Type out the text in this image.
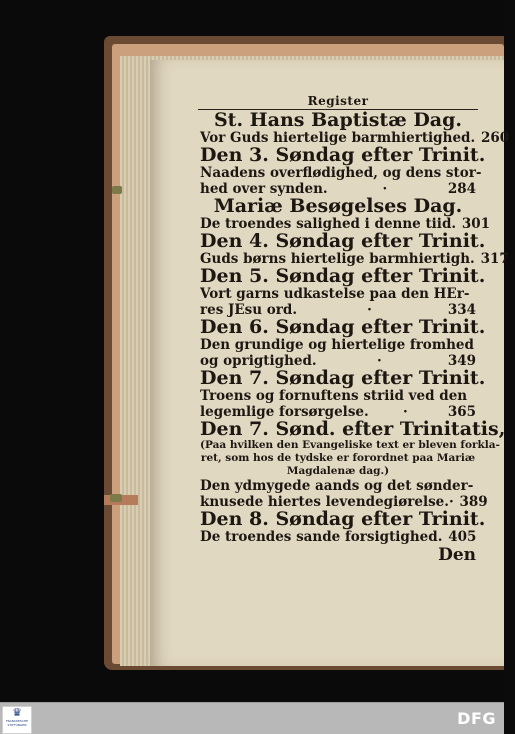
Register
St. Hans Baptistæ Dag.
Vor Guds hiertelige barmhiertighed. 260
Den 3. Søndag efter Trinit.
Naadens overflødighed, og dens stor-
hed over synden.	·	284
Mariæ Besøgelses Dag.
De troendes salighed i denne tiid. 301
Den 4. Søndag efter Trinit.
Guds børns hiertelige barmhiertigh. 317
Den 5. Søndag efter Trinit.
Vort garns udkastelse paa den HEr-
res JEsu ord.	·	334
Den 6. Søndag efter Trinit.
Den grundige og hiertelige fromhed
og oprigtighed.	·	349
Den 7. Søndag efter Trinit.
Troens og fornuftens striid ved den
legemlige forsørgelse.	·	365
Den 7. Sønd. efter Trinitatis,
(Paa hvilken den Evangeliske text er bleven forkla-
ret, som hos de tydske er forordnet paa Mariæ
Magdalenæ dag.)
Den ydmygede aands og det sønder-
knusede hiertes levendegiørelse. · 389
Den 8. Søndag efter Trinit.
De troendes sande forsigtighed. 405
Den
♛
FRANCKESCHE STIFTUNGEN	DFG
